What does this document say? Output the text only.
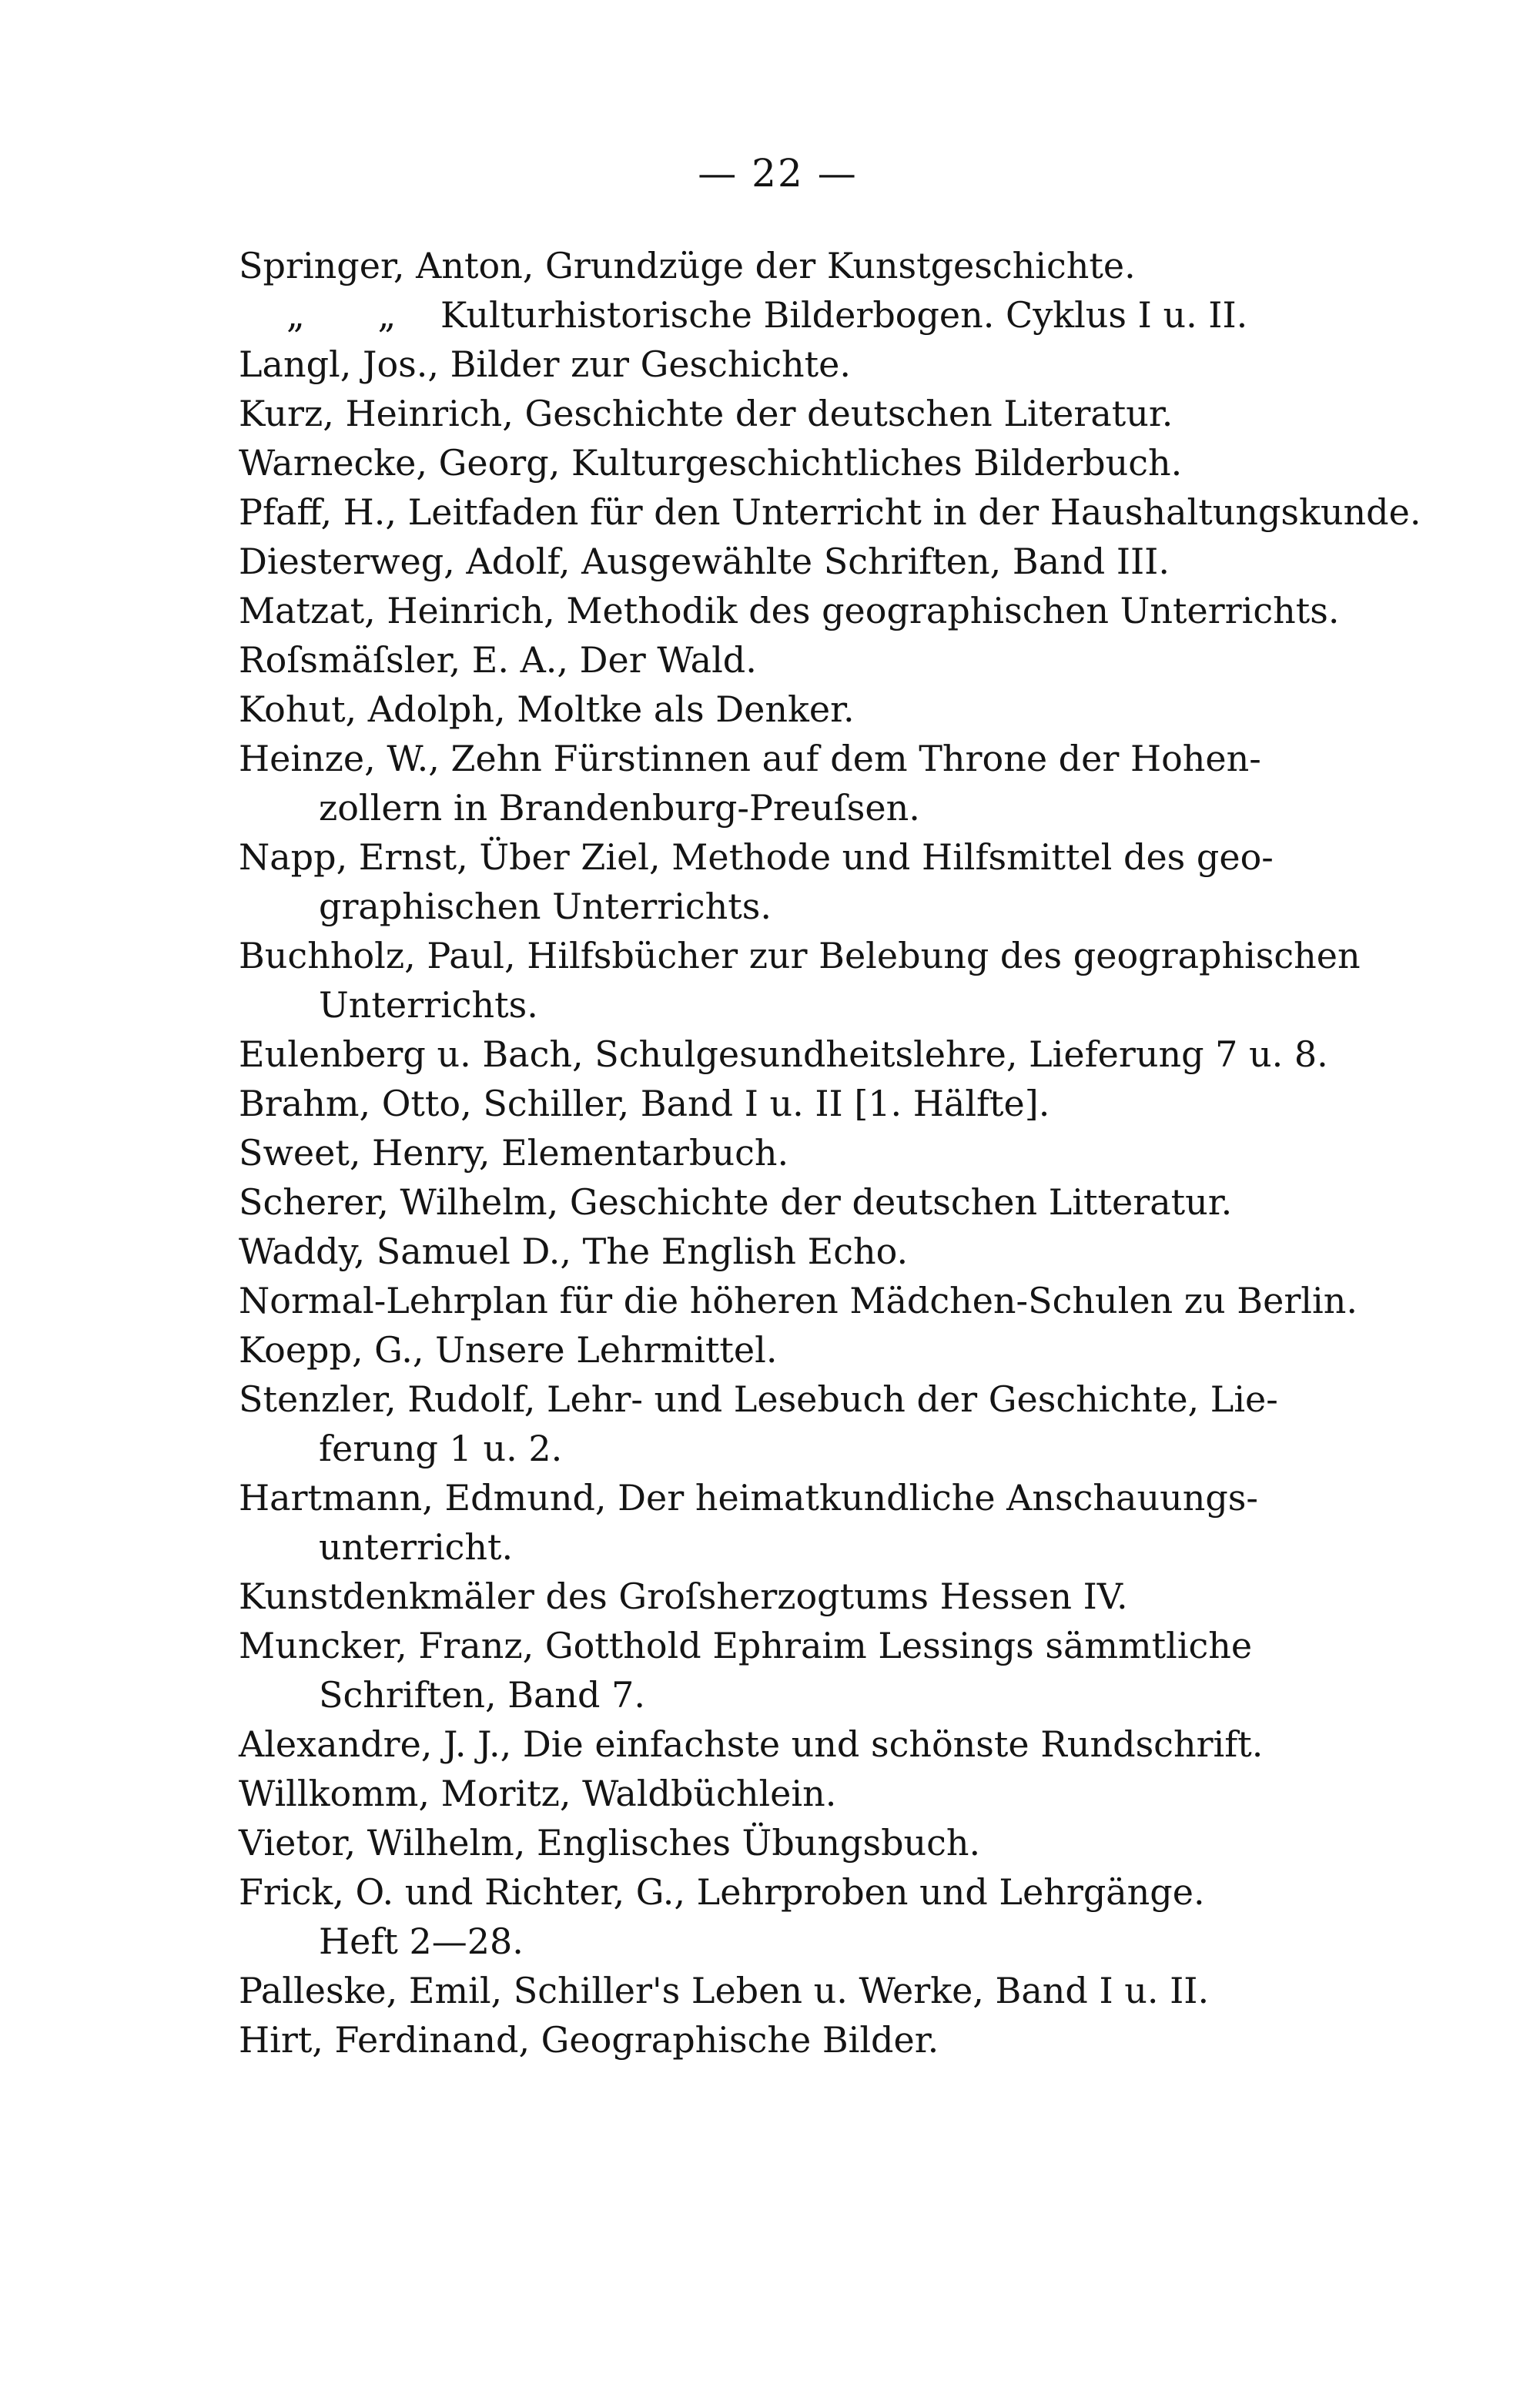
— 22 —
Springer, Anton, Grundzüge der Kunstgeschichte.
„ „ Kulturhistorische Bilderbogen. Cyklus I u. II.
Langl, Jos., Bilder zur Geschichte.
Kurz, Heinrich, Geschichte der deutschen Literatur.
Warnecke, Georg, Kulturgeschichtliches Bilderbuch.
Pfaff, H., Leitfaden für den Unterricht in der Haushaltungskunde.
Diesterweg, Adolf, Ausgewählte Schriften, Band III.
Matzat, Heinrich, Methodik des geographischen Unterrichts.
Roſsmäſsler, E. A., Der Wald.
Kohut, Adolph, Moltke als Denker.
Heinze, W., Zehn Fürstinnen auf dem Throne der Hohen-
zollern in Brandenburg-Preuſsen.
Napp, Ernst, Über Ziel, Methode und Hilfsmittel des geo-
graphischen Unterrichts.
Buchholz, Paul, Hilfsbücher zur Belebung des geographischen
Unterrichts.
Eulenberg u. Bach, Schulgesundheitslehre, Lieferung 7 u. 8.
Brahm, Otto, Schiller, Band I u. II [1. Hälfte].
Sweet, Henry, Elementarbuch.
Scherer, Wilhelm, Geschichte der deutschen Litteratur.
Waddy, Samuel D., The English Echo.
Normal-Lehrplan für die höheren Mädchen-Schulen zu Berlin.
Koepp, G., Unsere Lehrmittel.
Stenzler, Rudolf, Lehr- und Lesebuch der Geschichte, Lie-
ferung 1 u. 2.
Hartmann, Edmund, Der heimatkundliche Anschauungs-
unterricht.
Kunstdenkmäler des Groſsherzogtums Hessen IV.
Muncker, Franz, Gotthold Ephraim Lessings sämmtliche
Schriften, Band 7.
Alexandre, J. J., Die einfachste und schönste Rundschrift.
Willkomm, Moritz, Waldbüchlein.
Vietor, Wilhelm, Englisches Übungsbuch.
Frick, O. und Richter, G., Lehrproben und Lehrgänge.
Heft 2—28.
Palleske, Emil, Schiller's Leben u. Werke, Band I u. II.
Hirt, Ferdinand, Geographische Bilder.
